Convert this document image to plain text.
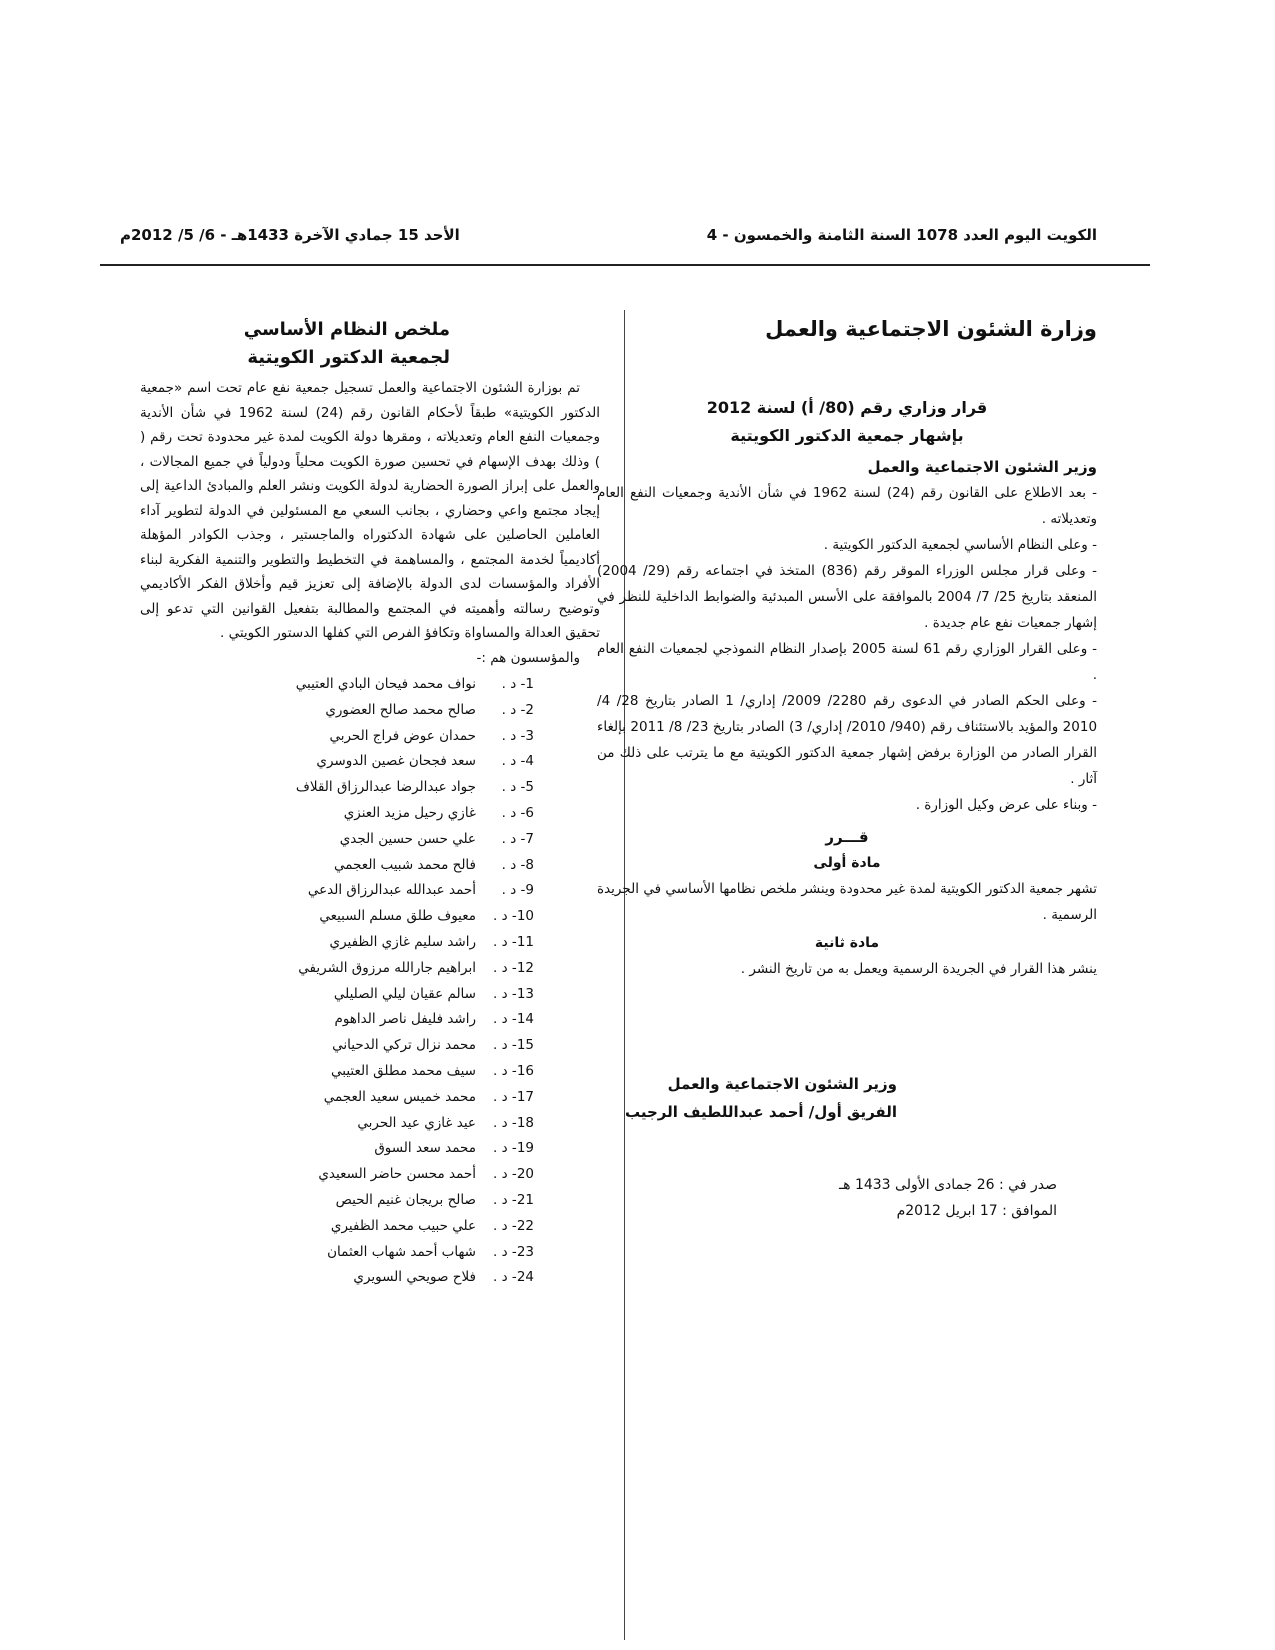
الكويت اليوم العدد 1078 السنة الثامنة والخمسون - 4
الأحد 15 جمادي الآخرة 1433هـ - 6/ 5/ 2012م
وزارة الشئون الاجتماعية والعمل
قرار وزاري رقم (80/ أ) لسنة 2012
بإشهار جمعية الدكتور الكويتية
وزير الشئون الاجتماعية والعمل

- بعد الاطلاع على القانون رقم (24) لسنة 1962 في شأن الأندية وجمعيات النفع العام وتعديلاته .

- وعلى النظام الأساسي لجمعية الدكتور الكويتية .

- وعلى قرار مجلس الوزراء الموقر رقم (836) المتخذ في اجتماعه رقم (29/ 2004) المنعقد بتاريخ 25/ 7/ 2004 بالموافقة على الأسس المبدئية والضوابط الداخلية للنظر في إشهار جمعيات نفع عام جديدة .

- وعلى القرار الوزاري رقم 61 لسنة 2005 بإصدار النظام النموذجي لجمعيات النفع العام .

- وعلى الحكم الصادر في الدعوى رقم 2280/ 2009/ إداري/ 1 الصادر بتاريخ 28/ 4/ 2010 والمؤيد بالاستئناف رقم (940/ 2010/ إداري/ 3) الصادر بتاريخ 23/ 8/ 2011 بإلغاء القرار الصادر من الوزارة برفض إشهار جمعية الدكتور الكويتية مع ما يترتب على ذلك من آثار .

- وبناء على عرض وكيل الوزارة .

قـــرر

مادة أولى

تشهر جمعية الدكتور الكويتية لمدة غير محدودة وينشر ملخص نظامها الأساسي في الجريدة الرسمية .

مادة ثانية

ينشر هذا القرار في الجريدة الرسمية ويعمل به من تاريخ النشر .

وزير الشئون الاجتماعية والعمل
الفريق أول/ أحمد عبداللطيف الرجيب
صدر في : 26 جمادى الأولى 1433 هـ
الموافق : 17 ابريل 2012م
ملخص النظام الأساسي
لجمعية الدكتور الكويتية

تم بوزارة الشئون الاجتماعية والعمل تسجيل جمعية نفع عام تحت اسم «جمعية الدكتور الكويتية» طبقاً لأحكام القانون رقم (24) لسنة 1962 في شأن الأندية وجمعيات النفع العام وتعديلاته ، ومقرها دولة الكويت لمدة غير محدودة تحت رقم ( ) وذلك بهدف الإسهام في تحسين صورة الكويت محلياً ودولياً في جميع المجالات ، والعمل على إبراز الصورة الحضارية لدولة الكويت ونشر العلم والمبادئ الداعية إلى إيجاد مجتمع واعي وحضاري ، بجانب السعي مع المسئولين في الدولة لتطوير آداء العاملين الحاصلين على شهادة الدكتوراه والماجستير ، وجذب الكوادر المؤهلة أكاديمياً لخدمة المجتمع ، والمساهمة في التخطيط والتطوير والتنمية الفكرية لبناء الأفراد والمؤسسات لدى الدولة بالإضافة إلى تعزيز قيم وأخلاق الفكر الأكاديمي وتوضيح رسالته وأهميته في المجتمع والمطالبة بتفعيل القوانين التي تدعو إلى تحقيق العدالة والمساواة وتكافؤ الفرص التي كفلها الدستور الكويتي .

والمؤسسون هم :-

1- د .نواف محمد فيحان البادي العتيبي
2- د .صالح محمد صالح العضوري
3- د .حمدان عوض فراج الحربي
4- د .سعد فجحان غصين الدوسري
5- د .جواد عبدالرضا عبدالرزاق القلاف
6- د .غازي رحيل مزيد العنزي
7- د .علي حسن حسين الجدي
8- د .فالح محمد شبيب العجمي
9- د .أحمد عبدالله عبدالرزاق الدعي
10- د .معيوف طلق مسلم السبيعي
11- د .راشد سليم غازي الظفيري
12- د .ابراهيم جارالله مرزوق الشريفي
13- د .سالم عقيان ليلي الصليلي
14- د .راشد فليفل ناصر الداهوم
15- د .محمد نزال تركي الدحياني
16- د .سيف محمد مطلق العتيبي
17- د .محمد خميس سعيد العجمي
18- د .عيد غازي عيد الحربي
19- د .محمد سعد السوق
20- د .أحمد محسن حاضر السعيدي
21- د .صالح بريجان غنيم الحيص
22- د .علي حبيب محمد الظفيري
23- د .شهاب أحمد شهاب العثمان
24- د .فلاح صويحي السويري
